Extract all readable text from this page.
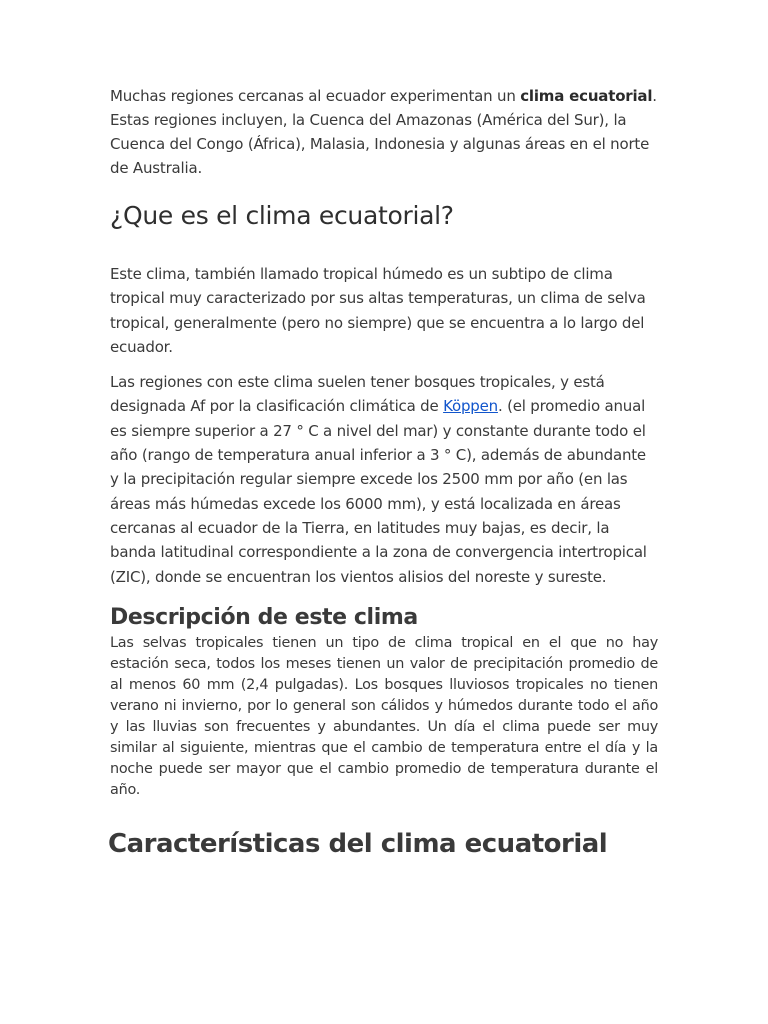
Muchas regiones cercanas al ecuador experimentan un clima ecuatorial. Estas regiones incluyen, la Cuenca del Amazonas (América del Sur), la Cuenca del Congo (África), Malasia, Indonesia y algunas áreas en el norte de Australia.

¿Que es el clima ecuatorial?

Este clima, también llamado tropical húmedo es un subtipo de clima tropical muy caracterizado por sus altas temperaturas, un clima de selva tropical, generalmente (pero no siempre) que se encuentra a lo largo del ecuador.

Las regiones con este clima suelen tener bosques tropicales, y está designada Af por la clasificación climática de Köppen. (el promedio anual es siempre superior a 27 ° C a nivel del mar) y constante durante todo el año (rango de temperatura anual inferior a 3 ° C), además de abundante y la precipitación regular siempre excede los 2500 mm por año (en las áreas más húmedas excede los 6000 mm), y está localizada en áreas cercanas al ecuador de la Tierra, en latitudes muy bajas, es decir, la banda latitudinal correspondiente a la zona de convergencia intertropical (ZIC), donde se encuentran los vientos alisios del noreste y sureste.

Descripción de este clima

Las selvas tropicales tienen un tipo de clima tropical en el que no hay estación seca, todos los meses tienen un valor de precipitación promedio de al menos 60 mm (2,4 pulgadas). Los bosques lluviosos tropicales no tienen verano ni invierno, por lo general son cálidos y húmedos durante todo el año y las lluvias son frecuentes y abundantes. Un día el clima puede ser muy similar al siguiente, mientras que el cambio de temperatura entre el día y la noche puede ser mayor que el cambio promedio de temperatura durante el año.

Características del clima ecuatorial
